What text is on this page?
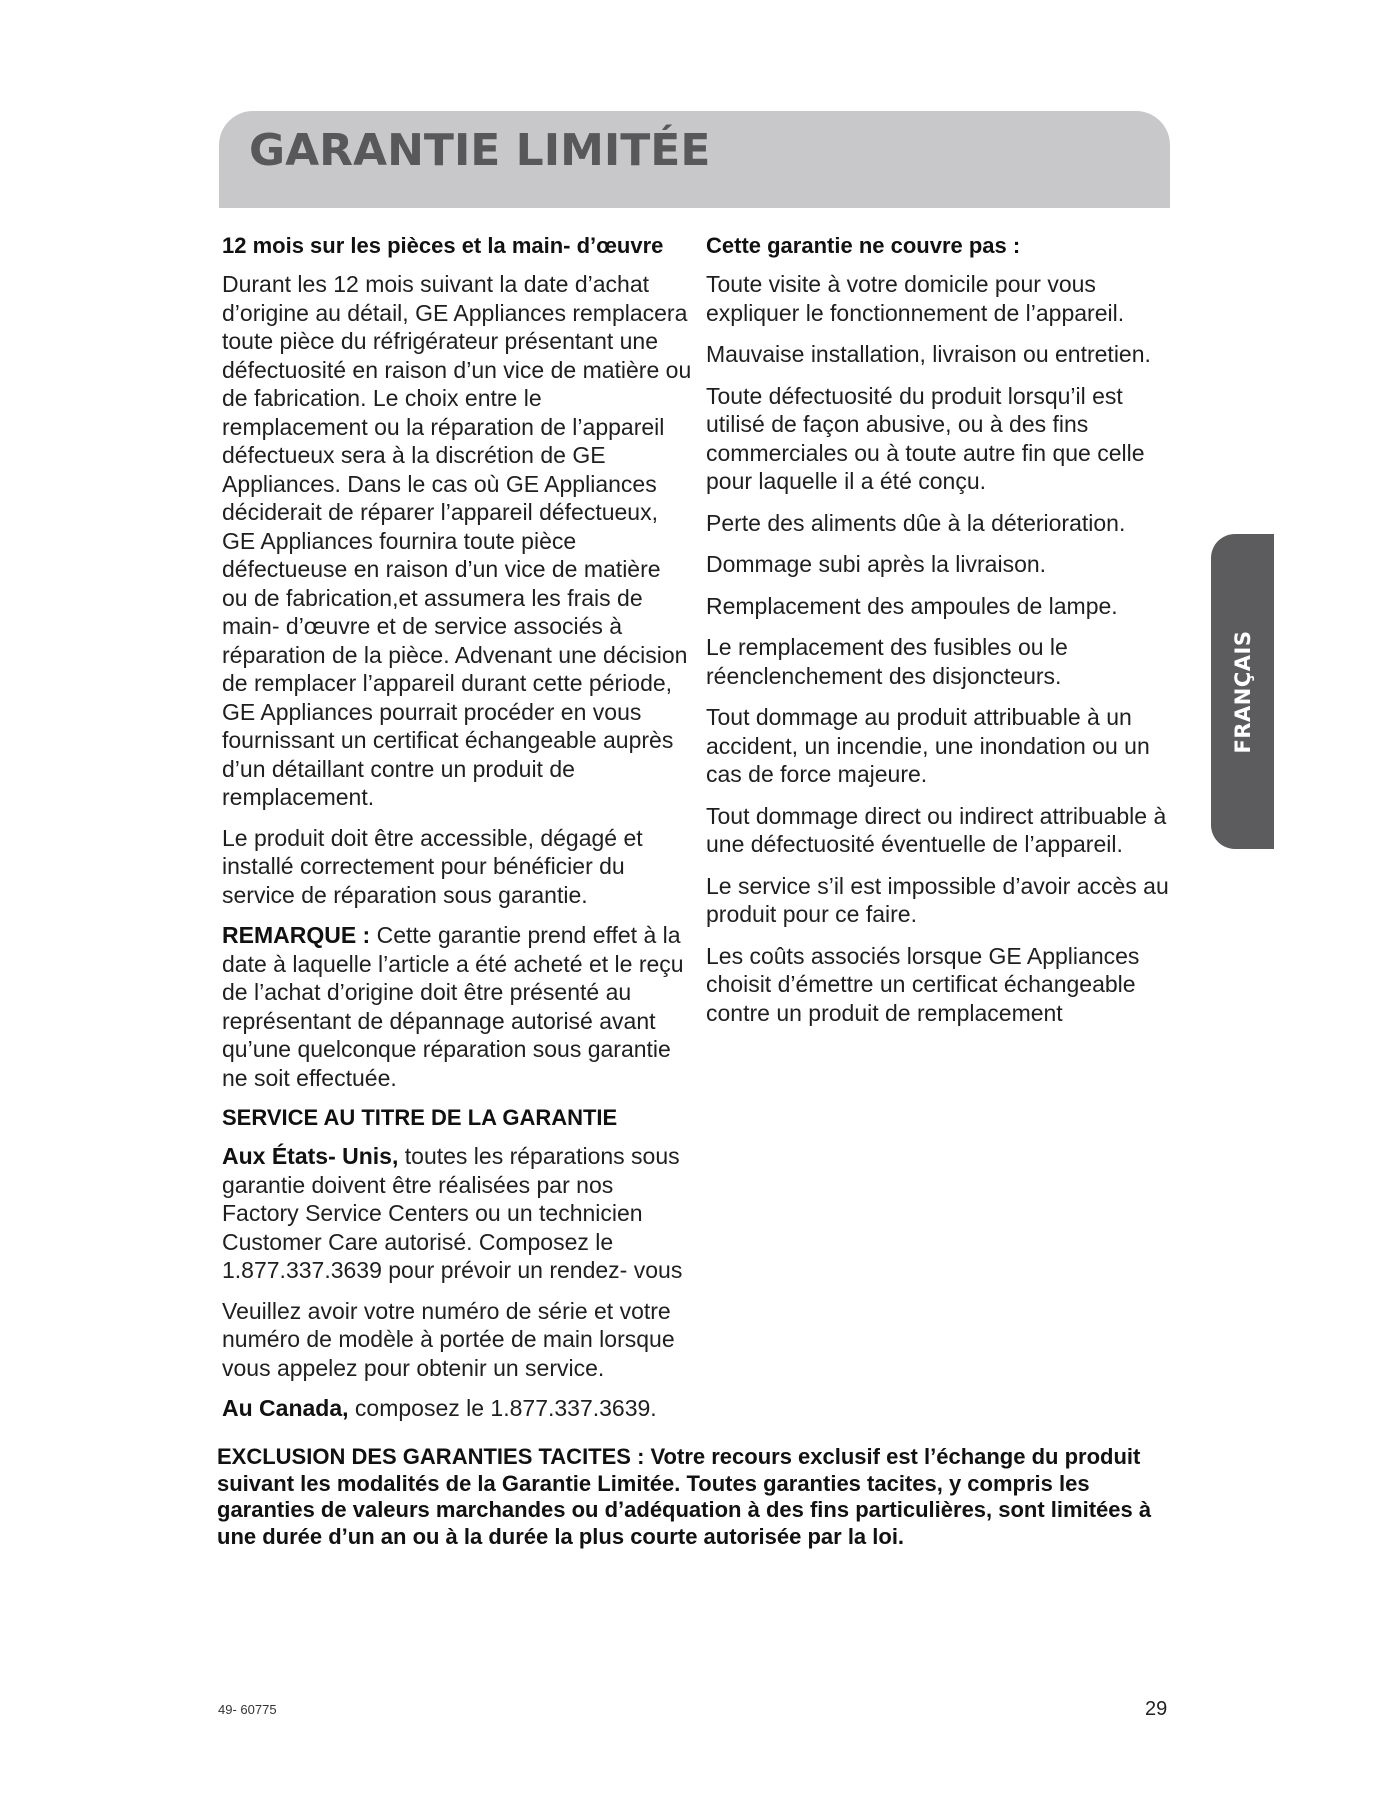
GARANTIE LIMITÉE
12 mois sur les pièces et la main- d’œuvre

Durant les 12 mois suivant la date d’achat d’origine au détail, GE Appliances remplacera toute pièce du réfrigérateur présentant une défectuosité en raison d’un vice de matière ou de fabrication. Le choix entre le remplacement ou la réparation de l’appareil défectueux sera à la discrétion de GE Appliances. Dans le cas où GE Appliances déciderait de réparer l’appareil défectueux, GE Appliances fournira toute pièce défectueuse en raison d’un vice de matière ou de fabrication,et assumera les frais de main- d’œuvre et de service associés à réparation de la pièce. Advenant une décision de remplacer l’appareil durant cette période, GE Appliances pourrait procéder en vous fournissant un certificat échangeable auprès d’un détaillant contre un produit de remplacement.

Le produit doit être accessible, dégagé et installé correctement pour bénéficier du service de réparation sous garantie.

REMARQUE : Cette garantie prend effet à la date à laquelle l’article a été acheté et le reçu de l’achat d’origine doit être présenté au représentant de dépannage autorisé avant qu’une quelconque réparation sous garantie ne soit effectuée.

SERVICE AU TITRE DE LA GARANTIE

Aux États- Unis, toutes les réparations sous garantie doivent être réalisées par nos Factory Service Centers ou un technicien Customer Care autorisé. Composez le 1.877.337.3639 pour prévoir un rendez- vous

Veuillez avoir votre numéro de série et votre numéro de modèle à portée de main lorsque vous appelez pour obtenir un service.

Au Canada, composez le 1.877.337.3639.

Cette garantie ne couvre pas :

Toute visite à votre domicile pour vous expliquer le fonctionnement de l’appareil.

Mauvaise installation, livraison ou entretien.

Toute défectuosité du produit lorsqu’il est utilisé de façon abusive, ou à des fins commerciales ou à toute autre fin que celle pour laquelle il a été conçu.

Perte des aliments dûe à la déterioration.

Dommage subi après la livraison.

Remplacement des ampoules de lampe.

Le remplacement des fusibles ou le réenclenchement des disjoncteurs.

Tout dommage au produit attribuable à un accident, un incendie, une inondation ou un cas de force majeure.

Tout dommage direct ou indirect attribuable à une défectuosité éventuelle de l’appareil.

Le service s’il est impossible d’avoir accès au produit pour ce faire.

Les coûts associés lorsque GE Appliances choisit d’émettre un certificat échangeable contre un produit de remplacement

EXCLUSION DES GARANTIES TACITES : Votre recours exclusif est l’échange du produit suivant les modalités de la Garantie Limitée. Toutes garanties tacites, y compris les garanties de valeurs marchandes ou d’adéquation à des fins particulières, sont limitées à une durée d’un an ou à la durée la plus courte autorisée par la loi.
FRANÇAIS
49- 60775	29
